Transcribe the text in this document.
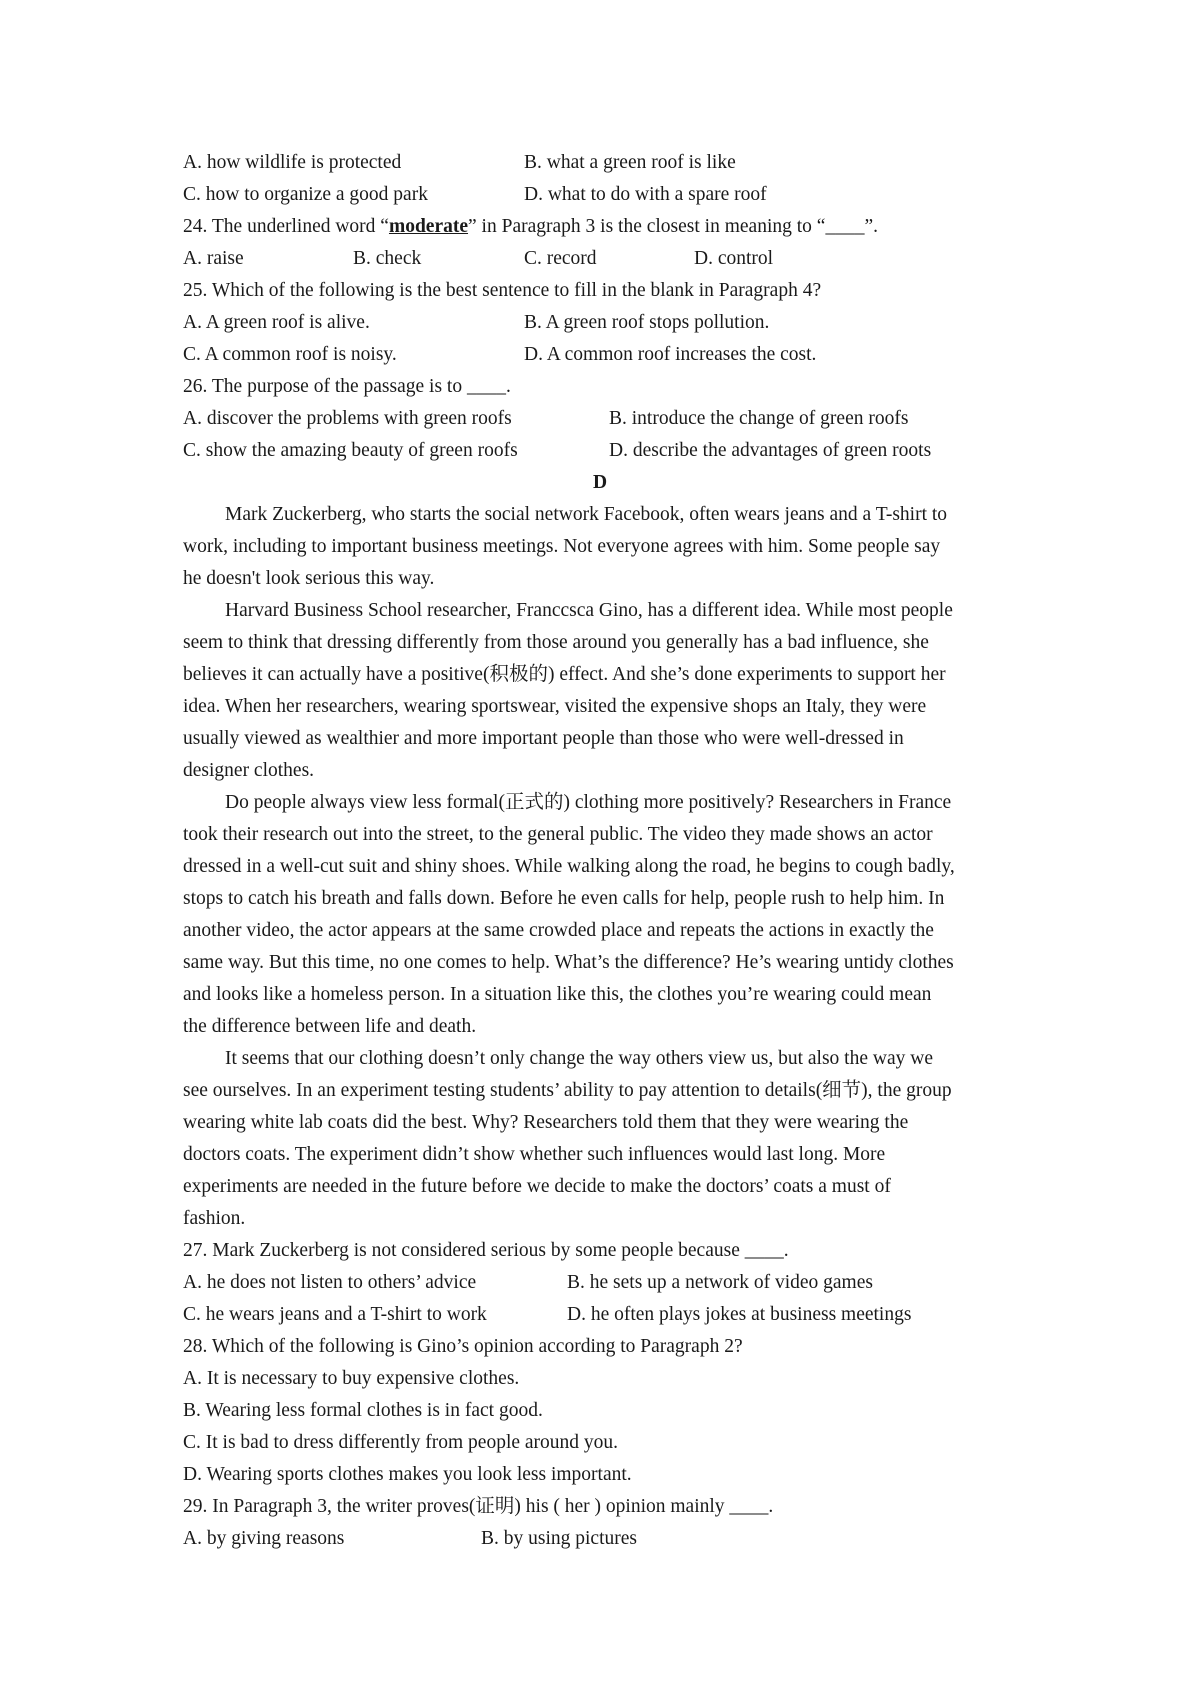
A. how wildlife is protected	B. what a green roof is like
C. how to organize a good park	D. what to do with a spare roof
24. The underlined word “moderate” in Paragraph 3 is the closest in meaning to “____”.
A. raise	B. check	C. record	D. control
25. Which of the following is the best sentence to fill in the blank in Paragraph 4?
A. A green roof is alive.	B. A green roof stops pollution.
C. A common roof is noisy.	D. A common roof increases the cost.
26. The purpose of the passage is to ____.
A. discover the problems with green roofs	B. introduce the change of green roofs
C. show the amazing beauty of green roofs	D. describe the advantages of green roots
D
Mark Zuckerberg, who starts the social network Facebook, often wears jeans and a T-shirt to
work, including to important business meetings. Not everyone agrees with him. Some people say
he doesn't look serious this way.
Harvard Business School researcher, Franccsca Gino, has a different idea. While most people
seem to think that dressing differently from those around you generally has a bad influence, she
believes it can actually have a positive(积极的) effect. And she’s done experiments to support her
idea. When her researchers, wearing sportswear, visited the expensive shops an Italy, they were
usually viewed as wealthier and more important people than those who were well-dressed in
designer clothes.
Do people always view less formal(正式的) clothing more positively? Researchers in France
took their research out into the street, to the general public. The video they made shows an actor
dressed in a well-cut suit and shiny shoes. While walking along the road, he begins to cough badly,
stops to catch his breath and falls down. Before he even calls for help, people rush to help him. In
another video, the actor appears at the same crowded place and repeats the actions in exactly the
same way. But this time, no one comes to help. What’s the difference? He’s wearing untidy clothes
and looks like a homeless person. In a situation like this, the clothes you’re wearing could mean
the difference between life and death.
It seems that our clothing doesn’t only change the way others view us, but also the way we
see ourselves. In an experiment testing students’ ability to pay attention to details(细节), the group
wearing white lab coats did the best. Why? Researchers told them that they were wearing the
doctors coats. The experiment didn’t show whether such influences would last long. More
experiments are needed in the future before we decide to make the doctors’ coats a must of
fashion.
27. Mark Zuckerberg is not considered serious by some people because ____.
A. he does not listen to others’ advice	B. he sets up a network of video games
C. he wears jeans and a T-shirt to work	D. he often plays jokes at business meetings
28. Which of the following is Gino’s opinion according to Paragraph 2?
A. It is necessary to buy expensive clothes.
B. Wearing less formal clothes is in fact good.
C. It is bad to dress differently from people around you.
D. Wearing sports clothes makes you look less important.
29. In Paragraph 3, the writer proves(证明) his ( her ) opinion mainly ____.
A. by giving reasons	B. by using pictures
